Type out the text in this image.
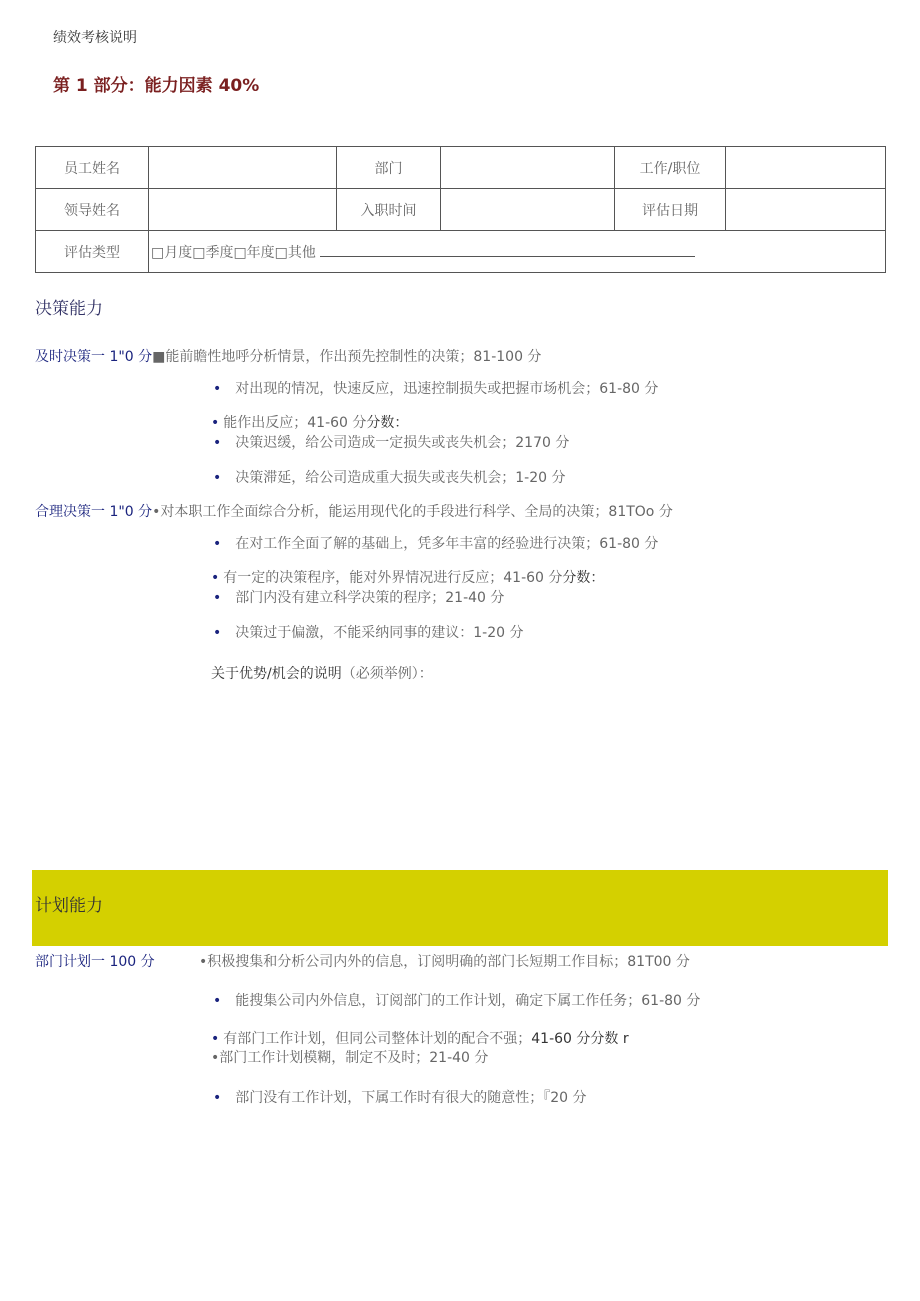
绩效考核说明
第 1 部分：能力因素 40%
员工姓名		部门		工作/职位	
领导姓名		入职时间		评估日期	
评估类型	□月度□季度□年度□其他				
决策能力
及时决策一 1"0 分■能前瞻性地呼分析情景，作出预先控制性的决策；81-100 分
• 对出现的情况，快速反应，迅速控制损失或把握市场机会；61-80 分
• 能作出反应；41-60 分分数：
• 决策迟缓，给公司造成一定损失或丧失机会；2170 分
• 决策滞延，给公司造成重大损失或丧失机会；1-20 分
合理决策一 1"0 分•对本职工作全面综合分析，能运用现代化的手段进行科学、全局的决策；81TOo 分
• 在对工作全面了解的基础上，凭多年丰富的经验进行决策；61-80 分
• 有一定的决策程序，能对外界情况进行反应；41-60 分分数：
• 部门内没有建立科学决策的程序；21-40 分
• 决策过于偏激，不能采纳同事的建议：1-20 分
关于优势/机会的说明（必须举例）：
计划能力
部门计划一 100 分	•积极搜集和分析公司内外的信息，订阅明确的部门长短期工作目标；81T00 分
• 能搜集公司内外信息，订阅部门的工作计划，确定下属工作任务；61-80 分
• 有部门工作计划，但同公司整体计划的配合不强；41-60 分分数 r
•部门工作计划模糊，制定不及时；21-40 分
• 部门没有工作计划，下属工作时有很大的随意性；『20 分
